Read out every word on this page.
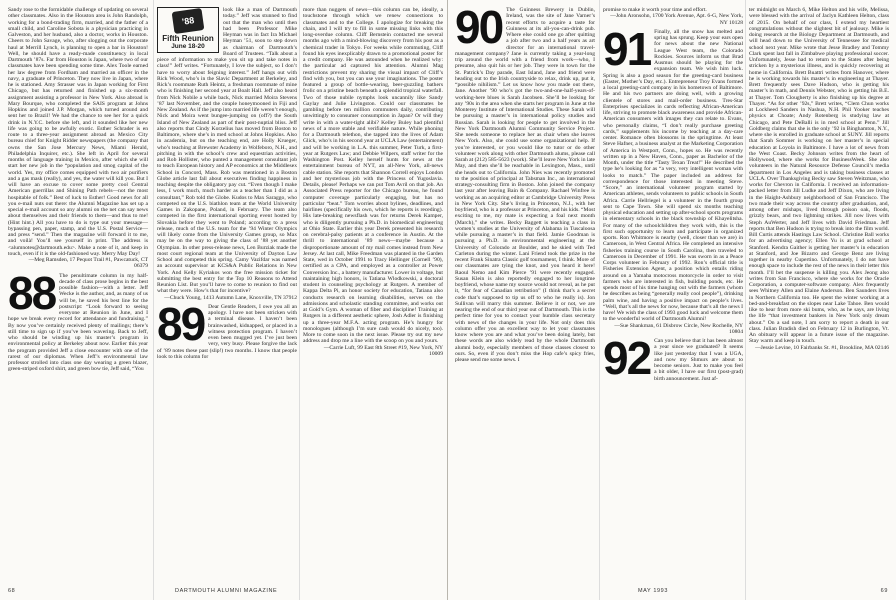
Sandy rose to the formidable challenge of updating on several other classmates. Also in the Houston area is John Randolph, working for a bond-trading firm, married, and the father of a small child, and Caroline Sobota is a physician practicing in Galveston, and her husband, also a doctor, works in Houston. Cheers to John Savage, who, after slogging out the corporate haul at Merrill Lynch, is planning to open a bar in Houston! Well, he should have a ready-made constituency in local Dartmouth ’87s. Far from Houston is Japan, where two of our classmates have been spending some time. Alex Toole earned her law degree from Fordham and married an officer in the navy, a graduate of Princeton. They now live in Japan, where he is stationed. Amy Strasser was in Japan working for First Chicago, but has returned and finished up a six-month assignment assisting a professor in New York. Also abroad is Mary Bourque, who completed the SAIS program at Johns Hopkins and joined J.P. Morgan, which turned around and sent her to Brazil! We had the chance to see her for a quick drink in N.Y.C. before she left, and it sounded like her new life was going to be awfully exotic. Esther Schrader is en route to a three-year assignment abroad as Mexico City bureau chief for Knight Ridder newspapers (the company that owns the San Jose Mercury News, Miami Herald, Philadelphia Inquirer, etc.). She left in April for several months of language training in Mexico, after which she will start her new job in the “population and smog capital of the world. Yes, my office comes equipped with two air purifiers and a gas mask (really), and yes, the water will kill you. But I will have an excuse to cover some pretty cool Central American guerrillas and Shining Path rebels—not the most hospitable of folk.” Best of luck to Esther! Good news for all you e-mail nuts out there: the Alumni Magazine has set up a special e-mail account so any alumni on the net can say news about themselves and their friends to them—and thus to me! (Hint hint.) All you have to do is type out your message—bypassing pen, paper, stamp, and the U.S. Postal Service—and press “send.” Then the magazine will forward it to me, and voilà! You’ll see yourself in print. The address is <alumnotes@dartmouth.edu>. Make a note of it, and keep in touch, even if it is the old-fashioned way. Merry May Day!

—Meg Ramsden, 17 Pequot Trail #1, Pawcatuck, CT 06379

88 The penultimate column in my half-decade of class prose begins in the best possible fashion—with a letter. Jeff Wecke is the author, and, as many of us will be, he saved his best line for the postscript: “Look forward to seeing everyone at Reunion in June, and I hope we break every record for attendance and fundraising.” By now you’ve certainly received plenty of mailings; there’s still time to sign up if you’ve been wavering. Back to Jeff, who should be winding up his master’s program in environmental policy at Berkeley about now. Earlier this year the program provided Jeff a close encounter with one of the rarest of our diplomas. When Jeff’s environmental law professor strolled into class one day wearing a green blazer, green-striped oxford shirt, and green bow tie, Jeff said, “You

’88
Fifth Reunion
June 18-20

look like a man of Dartmouth today.” Jeff was stunned to find out that the man who until then had been Professor Mike Heyman was in fact Ira Michael Heyman ’51, soon to step down as chairman of Dartmouth’s Board of Trustees. “Talk about a piece of information to make you sit up and take notes in class!” Jeff writes. “Fortunately, I love the subject, so I don’t have to worry about feigning interest.” Jeff hangs out with Rick Wood, who’s in the Slavic Department at Berkeley, and Rick’s roommate Ruth Heintz, a freshman roommate of mine who is finishing her second year at Boalt Hall. Jeff also heard from Nick Nobile a while back, Nick married Moira Stevens ’87 last November, and the couple honeymooned in Fiji and New Zealand. As if the jump into married life weren’t enough, Nick and Moira went bungee-jumping on (off?) the South Island of New Zealand as part of their post-nuptial bliss. Jeff also reports that Cindy Korzelius has moved from Boston to Baltimore, where she’s in med school at Johns Hopkins. Also in academia, but on the teaching end, are Holly Krueger, who’s teaching at Brewster Academy in Wolfeboro, N.H., and pitching in with the school’s crew and equestrian activities, and Rob Hollister, who punted a management consultant job to teach European history and AP economics at the Middlesex School in Concord, Mass. Rob was mentioned in a Boston Globe article last fall about executives finding happiness in teaching despite the obligatory pay cut. “Even though I make less, I work much, much harder as a teacher than I did as a consultant,” Rob told the Globe. Kudos to Max Saraggo, who competed on the U.S. biathlon team at the World University Games in Zakopane, Poland, in February. The team also competed in the first international sporting event hosted by Slovakia before they went to Poland; according to a press release, much of the U.S. team for the ’94 Winter Olympics will likely come from the University Games group, so Max may be on the way to giving the class of ’88 yet another Olympian. In other press-release news, Len Burziak made the most court regional team at the University of Dayton Law School and competed this spring. Camy Vazifdar was named an account supervisor at KCS&A Public Relations in New York. And Kelly Kyriakos won the free mission ticket for submitting the best entry for the Top 10 Reasons to Attend Reunion List. But you’ll have to come to reunion to find out what they were. How’s that for incentive?

—Chuck Young, 1413 Autumn Lane, Knoxville, TN 37912

89 Dear Gentle Readers, I owe you all an apology. I have not been stricken with a terminal disease. I haven’t been brainwashed, kidnapped, or placed in a witness protection program. I haven’t even been mugged yet. I’ve just been very, very busy. Please forgive the lack of ’89 notes these past (slip!) two months. I know that people look to this column for

more than nuggets of news—this column can be, ideally, a touchstone through which we renew connections to classmates and to the College. I apologize for breaking the chain, and I will try to fill in some missing links with this long-overdue column. Cliff Bernstein contacted me several months ago with a mind-blowing discovery from his post as a chemical trader in Tokyo. For weeks while commuting, Cliff found his eyes inexplicably drawn to a promotional poster for a credit company. He was astounded when he realized why: the particular ad captured his attention. Alumni Mag restrictions prevent my sharing the visual impact of Cliff’s find with you, but you can use your imaginations. The poster featured a group of bottle-wearing, beer-guzzling bathers frolic on a pristine beach beneath a splendid tropical waterfall. Two of those nubile nymphs look uncannily like Sandy Gaylay and Julie Livingston. Could our classmates be gambling before ten million commuters daily, contributing unwittingly to consumer consumption in Japan? Or will they write in with a water-tight alibi? Kelley Buley had plentiful news of a more stable and verifiable nature. While phoning for a Dartmouth telethon, she tapped into the lives of Adam Glick, who’s in his second year at UCLA Law (entertainment) and will be working in L.A. this summer, Peter Turk, a first-year at Rutgers Law; and Debbie Wilpers, staff writer for the Washington Post. Kelley herself hunts for news at the entertainment bureau of NYT, an all-New York, all-news cable station. She reports that Shannon Correll enjoys London and her mysterious job with the Princess of Yugoslavia. Details, please! Perhaps we can put Tom Avril on that job. An Associated Press reporter for the Chicago bureau, he found computer coverage particularly engaging, but has no particular “beat.” Tom worries about bylines, deadlines, and hairlines (specifically his own, which he reports is receding). His late-breaking newsflash was for returns Derek Kamper, who is diligently pursuing a Ph.D. in biomedical engineering at Ohio State. Earlier this year Derek presented his research on cerebral-palsy patients at a conference in Austin. At the thrill to international ’89 news—maybe because a disproportionate amount of my mail comes instead from New Jersey. At last call, Mike Freedman was planted in the Garden State, wed in October 1991 to Tracy Hellinger (Cornell ’90), certified as a CPA, and employed as a controller at Power Conversion Inc., a battery manufacturer. Lower in voltage, but maintaining high honors, is Tatiana Wlodkowski, a doctoral student in counseling psychology at Rutgers. A member of Kappa Delta Pi, an honor society for education, Tatiana also conducts research on learning disabilities, serves on the admissions and scholastic standing committee, and works out at Gold’s Gym. A woman of fiber and discipline! Training at Rutgers in a different aesthetic sphere, Josh Adler is finishing up a three-year M.F.A. acting program. He’s hungry for monologues (although I’m sure cash would do nicely, too). More to come soon in the next issue. Please try out my new address and drop me a line with the scoop on you and yours.

—Carrie Luft, 99 East 8th Street #19, New York, NY 10009

68	DARTMOUTH ALUMNI MAGAZINE
90 The Guinness Brewery in Dublin, Ireland, was the site of Jane Varner’s recent efforts to acquire a taste for Guinness at its all-you-can-drink pub. Where else could one go after quitting a job after two and a half years as art director for an international travel-management company? Jane is currently taking a year-long trip around the world with a friend from work—who, I presume, also quit his or her job. They were in town for the St. Patrick’s Day parade, East Island, Jane and friend were heading out to the Irish countryside to relax, drink up, put it, “possible nihilism.” Let us know how you made out there, Jane. Another ’90 who’s got the two-and-one-half-years-of-working-here blues is Sarah Jacobsen. She’ll be looking for any ’90s in the area when she starts her program in June at the Monterey Institute of International Studies. These Sarah will be pursuing a master’s in international policy studies and Russian. Sarah is looking for people to get involved in the New York Dartmouth Alumni Community Service Project. She needs someone to replace her as chair when she leaves New York. Also, she could use some organizational help. If you’re interested, or you would like to tutor or do other volunteer work along with other Dartmouth alums, please call Sarah at (212) 585-5623 (work). She’ll leave New York in late May, and then she’ll be reachable in Lexington, Mass., until she heads out to California. John Nies was recently promoted to the position of principal at Tabsman Inc., an international strategy-consulting firm in Boston. John joined the company last year after leaving Bain & Company. Rachael Winfree is working as an acquiring editor at Cambridge University Press in New York City. She’s living in Princeton, N.J., with her boyfriend, who is a professor at Princeton, and his kids. “Most exciting to me, my mate is expecting a foal next month (March),” she writes. Becky Baggett is teaching a class in women’s studies at the University of Alabama in Tuscaloosa while pursuing a master’s in that field. Jamie Goodman is pursuing a Ph.D. in environmental engineering at the University of Colorado at Boulder, and he skied with Ted Carleton during the winter. Lani Friend took the prize in the recent Frank Sinatra Classic golf tournament, I think. More of our classmates are tying the knot, and you heard it here! Raoul Nemo and Kim Pierce ’91 were recently engaged. Susan Klein is also reportedly engaged to her longtime boyfriend, whose name my source would not reveal, as he put it, “for fear of Canadian retribution” (I think that’s a secret code that’s supposed to tip us off to who he really is). Jon Sullivan will marry this summer. Believe it or not, we are nearing the end of our third year out of Dartmouth. This is the perfect time for you to contact your humble class secretary with news of the changes in your life. Not only does this column offer you an excellent way to let your classmates know where you are and what you’ve been doing lately, but these words are also widely read by the whole Dartmouth alumni body, especially members of those classes closest to ours. So, even if you don’t miss the Hop cafe’s spicy fries, please send me some news. I

promise to make it worth your time and effort.

—John Aronsohn, 1700 York Avenue, Apt. 6-G, New York, NY 10128

91 Finally, all the snow has melted and spring has sprung. Keep your ears open for news about the new National League West team, the Colorado Rockies. Sources inform us that Brad Ausmus should be playing for the expansion team. We wish him luck. Spring is also a good season for the greeting-card business (Easter, Mother’s Day, etc.). Entrepreneur Troy Evans formed a local greeting-card company in his hometown of Baltimore. He and his two partners are doing well, with a growing clientele of stores and mail-order business. Tres-Star Enterprises specializes in cards reflecting African-American life, striving to promote black awareness and provide African-American consumers with images they can relate to. Evans, who personally claims, “I don’t really purchase greeting cards,” supplements his income by teaching at a day-care center. Romance often blossoms in the springtime. At least Steve Hafner, a business analyst at the Marketing Corporation of America in Westport, Conn., hopes so. He was recently written up in a New Haven, Conn., paper as Bachelor of the Month, under the title “Tasty Texan Treat!” He described the type he’s looking for as “a very, very intelligent woman with looks to match.” The paper included an address for correspondence for those interested in meeting Steve. “Score,” an international volunteer program started by American athletes, sends volunteers to public schools in South Africa. Carrie Hellriegel is a volunteer in the fourth group sent to Cape Town. She will spend six months teaching physical education and setting up after-school sports programs in elementary schools in the black township of Khayelitsha. For many of the schoolchildren they work with, this is the first such opportunity to learn and participate in organized sports. Ron Whitmore is nearby (well, closer than we are) in Cameroon, in West Central Africa. He completed an intensive fisheries training course in South Carolina, then traveled to Cameroon in December of 1991. He was sworn in as a Peace Corps volunteer in February of 1992. Ron’s official title is Fisheries Extension Agent, a position which entails riding around on a Yamaha motocross motorcycle in order to visit farmers who are interested in fish, building ponds, etc. He spends most of his time hanging out with the farmers (whom he describes as being “generally really cool people”), drinking palm wine, and having a positive impact on people’s lives. “Well, that’s all the news for now, because that’s all the news I have! We wish the class of 1993 good luck and welcome them to the wonderful world of Dartmouth Alumni!

—Sue Shankman, 61 Disbrow Circle, New Rochelle, NY 10804

92 Can you believe that it has been almost a year since we graduated? It seems like just yesterday that I was a UGA, and now my Shmurs are about to become seniors. Just to make you feel a bit older, I have our first (post-grad) birth announcement. Just af-

ter midnight on March 6, Mike Helton and his wife, Melissa, were blessed with the arrival of Jaclyn Kathleen Helton, class of 2015. On behalf of our class, I extend my heartiest congratulations without the slightest bit of jealousy. Mike is doing research at the Biology Department at Dartmouth, and will head down to the University of Tennessee for medical school next year. Mike wrote that Jesse Bradley and Tommy Clark spent last fall in Zimbabwe playing professional soccer. Unfortunately, Jesse had to return to the States after being stricken by a mysterious illness, and is quickly recovering at home in California. Brett Buattri writes from Hanover, where he is working towards his master’s in engineering at Thayer. Brett frequently sees Dave Hudson, who is getting his master’s in math, and Dennis Webster, who is getting his B.E. at Thayer. Tom Clougherty is also finishing up his degree at Thayer. “As for other ’92s,” Brett writes, “Clem Chun works at Lockheed Sanders in Nashua, N.H. Phil Yooker teaches physics at Choate; Andy Rotenberg is studying law at Chicago, and Pete DeBalli is in med school at Penn.” Jill Goldberg claims that she is the only ’92 in Binghamton, N.Y., where she is enrolled in graduate school at SUNY. Jill reports that Sarah Sommer is working on her master’s in special education at Loyola in Baltimore. I have a lot of news from the West Coast. Becky Johnson writes from the heart of Hollywood, where she works for BusinessWeek. She also volunteers in the Natural Resource Defense Council’s media department in Los Angeles and is taking business classes at UCLA. Over Thanksgiving Becky saw Steven Weitzman, who works for Chevron in California. I received an information-packed letter from Jill Ludke and Jeff Dixon, who are living in the Haight-Ashbury neighborhood of San Francisco. The two made their way across the country after graduation, and, among other mishaps, lived through poison oak, floods, grizzly bears, and two lightning strikes. Jill now lives with Steph AuWerter, and Jeff lives with David Friedman. Jeff reports that Ben Hudson is trying to break into the film world. Bill Curtis attends Hastings Law School. Christine Ball works for an advertising agency; Ellen Yu is at grad school at Stanford. Kendra Gaither is getting her master’s in education at Stanford, and Joe Bizarro and George Benz are living together in nearby Cupertino. Unfortunately, I do not have enough space to include the rest of the news in their letter this month. I’ll bet the suspense is killing you. Alex Jeong also writes from San Francisco, where she works for the Oracle Corporation, a computer-software company. Alex frequently sees Whitney Allen and Elaine Anderson. Ben Saunders lives in Northern California too. He spent the winter working at a bed-and-breakfast on the slopes near Lake Tahoe. Ben would like to hear from more ski bums, who, as he says, are living the life “that investment bankers in New York only dream about.” On a sad note, I am sorry to report a death in our class. Julian Bradish died on February 12 in Burlington, Vt. An obituary will appear in a future issue of the magazine. Stay warm and keep in touch.

—Jessie Levine, 10 Fairbanks St. #1, Brookline, MA 02146

MAY 1993	69
